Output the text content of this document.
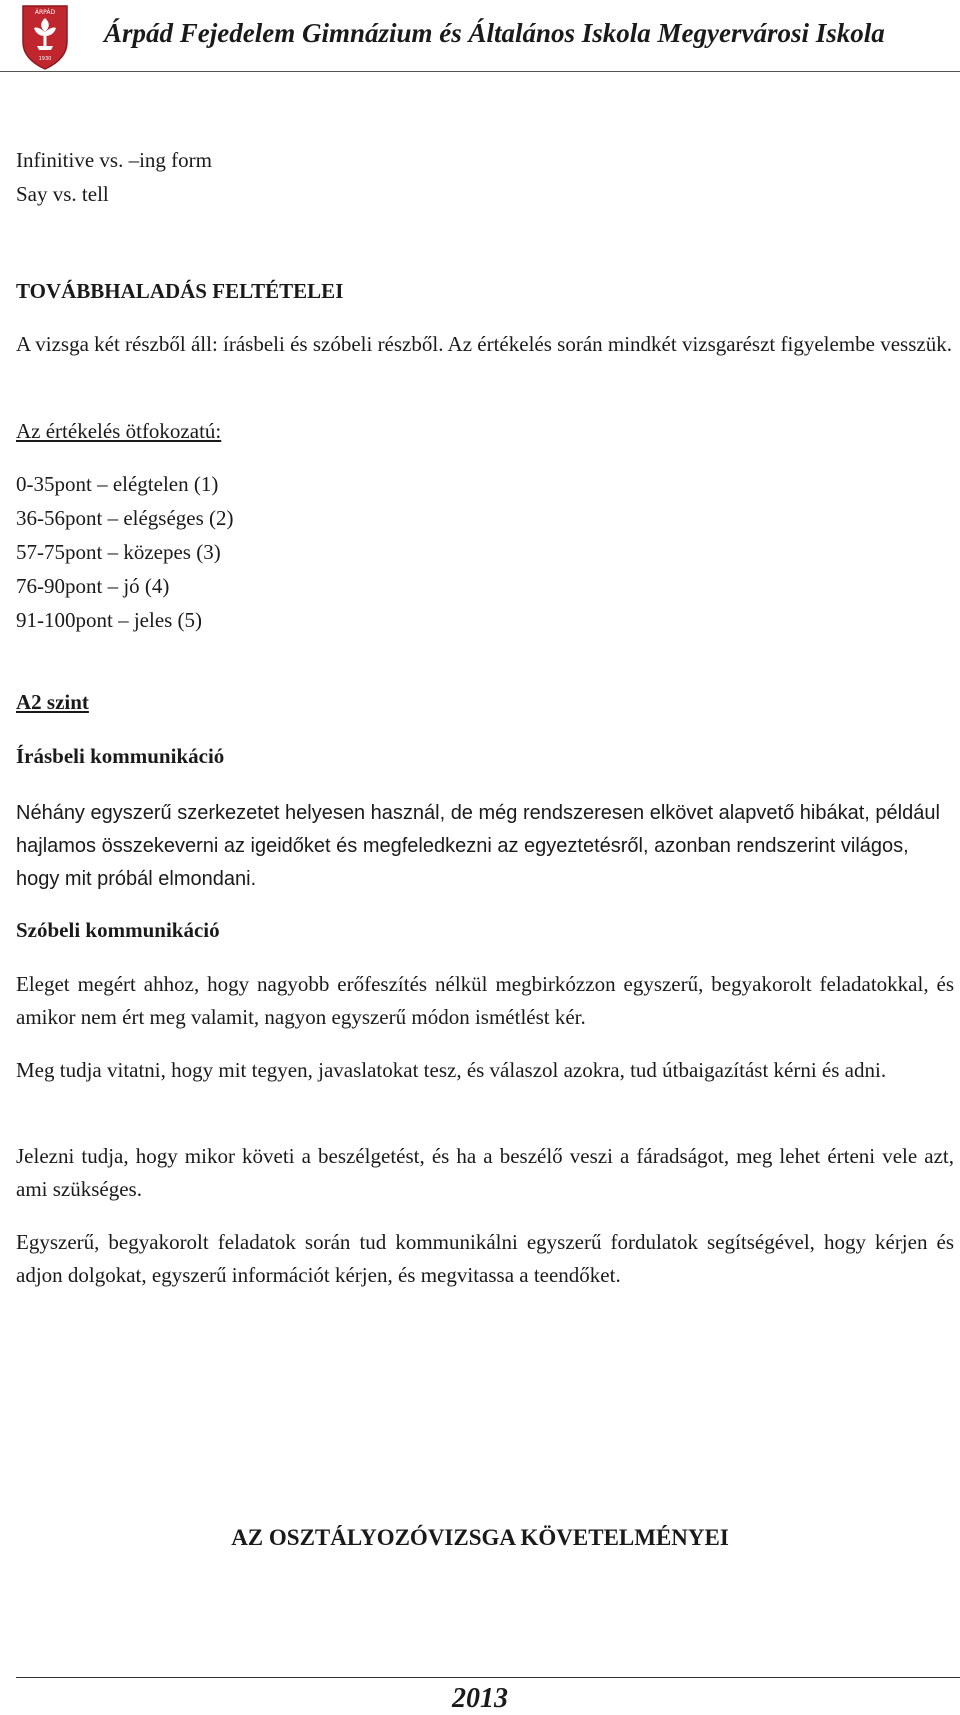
ÁRPÁD
1930
Árpád Fejedelem Gimnázium és Általános Iskola Megyervárosi Iskola
Infinitive vs. –ing form
Say vs. tell
TOVÁBBHALADÁS FELTÉTELEI
A vizsga két részből áll: írásbeli és szóbeli részből. Az értékelés során mindkét vizsgarészt figyelembe vesszük.
Az értékelés ötfokozatú:
0-35pont – elégtelen (1)
36-56pont – elégséges (2)
57-75pont – közepes (3)
76-90pont – jó (4)
91-100pont – jeles (5)
A2 szint
Írásbeli kommunikáció
Néhány egyszerű szerkezetet helyesen használ, de még rendszeresen elkövet alapvető hibákat, például hajlamos összekeverni az igeidőket és megfeledkezni az egyeztetésről, azonban rendszerint világos, hogy mit próbál elmondani.
Szóbeli kommunikáció
Eleget megért ahhoz, hogy nagyobb erőfeszítés nélkül megbirkózzon egyszerű, begyakorolt feladatokkal, és amikor nem ért meg valamit, nagyon egyszerű módon ismétlést kér.
Meg tudja vitatni, hogy mit tegyen, javaslatokat tesz, és válaszol azokra, tud útbaigazítást kérni és adni.
Jelezni tudja, hogy mikor követi a beszélgetést, és ha a beszélő veszi a fáradságot, meg lehet érteni vele azt, ami szükséges.
Egyszerű, begyakorolt feladatok során tud kommunikálni egyszerű fordulatok segítségével, hogy kérjen és adjon dolgokat, egyszerű információt kérjen, és megvitassa a teendőket.
AZ OSZTÁLYOZÓVIZSGA KÖVETELMÉNYEI
2013
